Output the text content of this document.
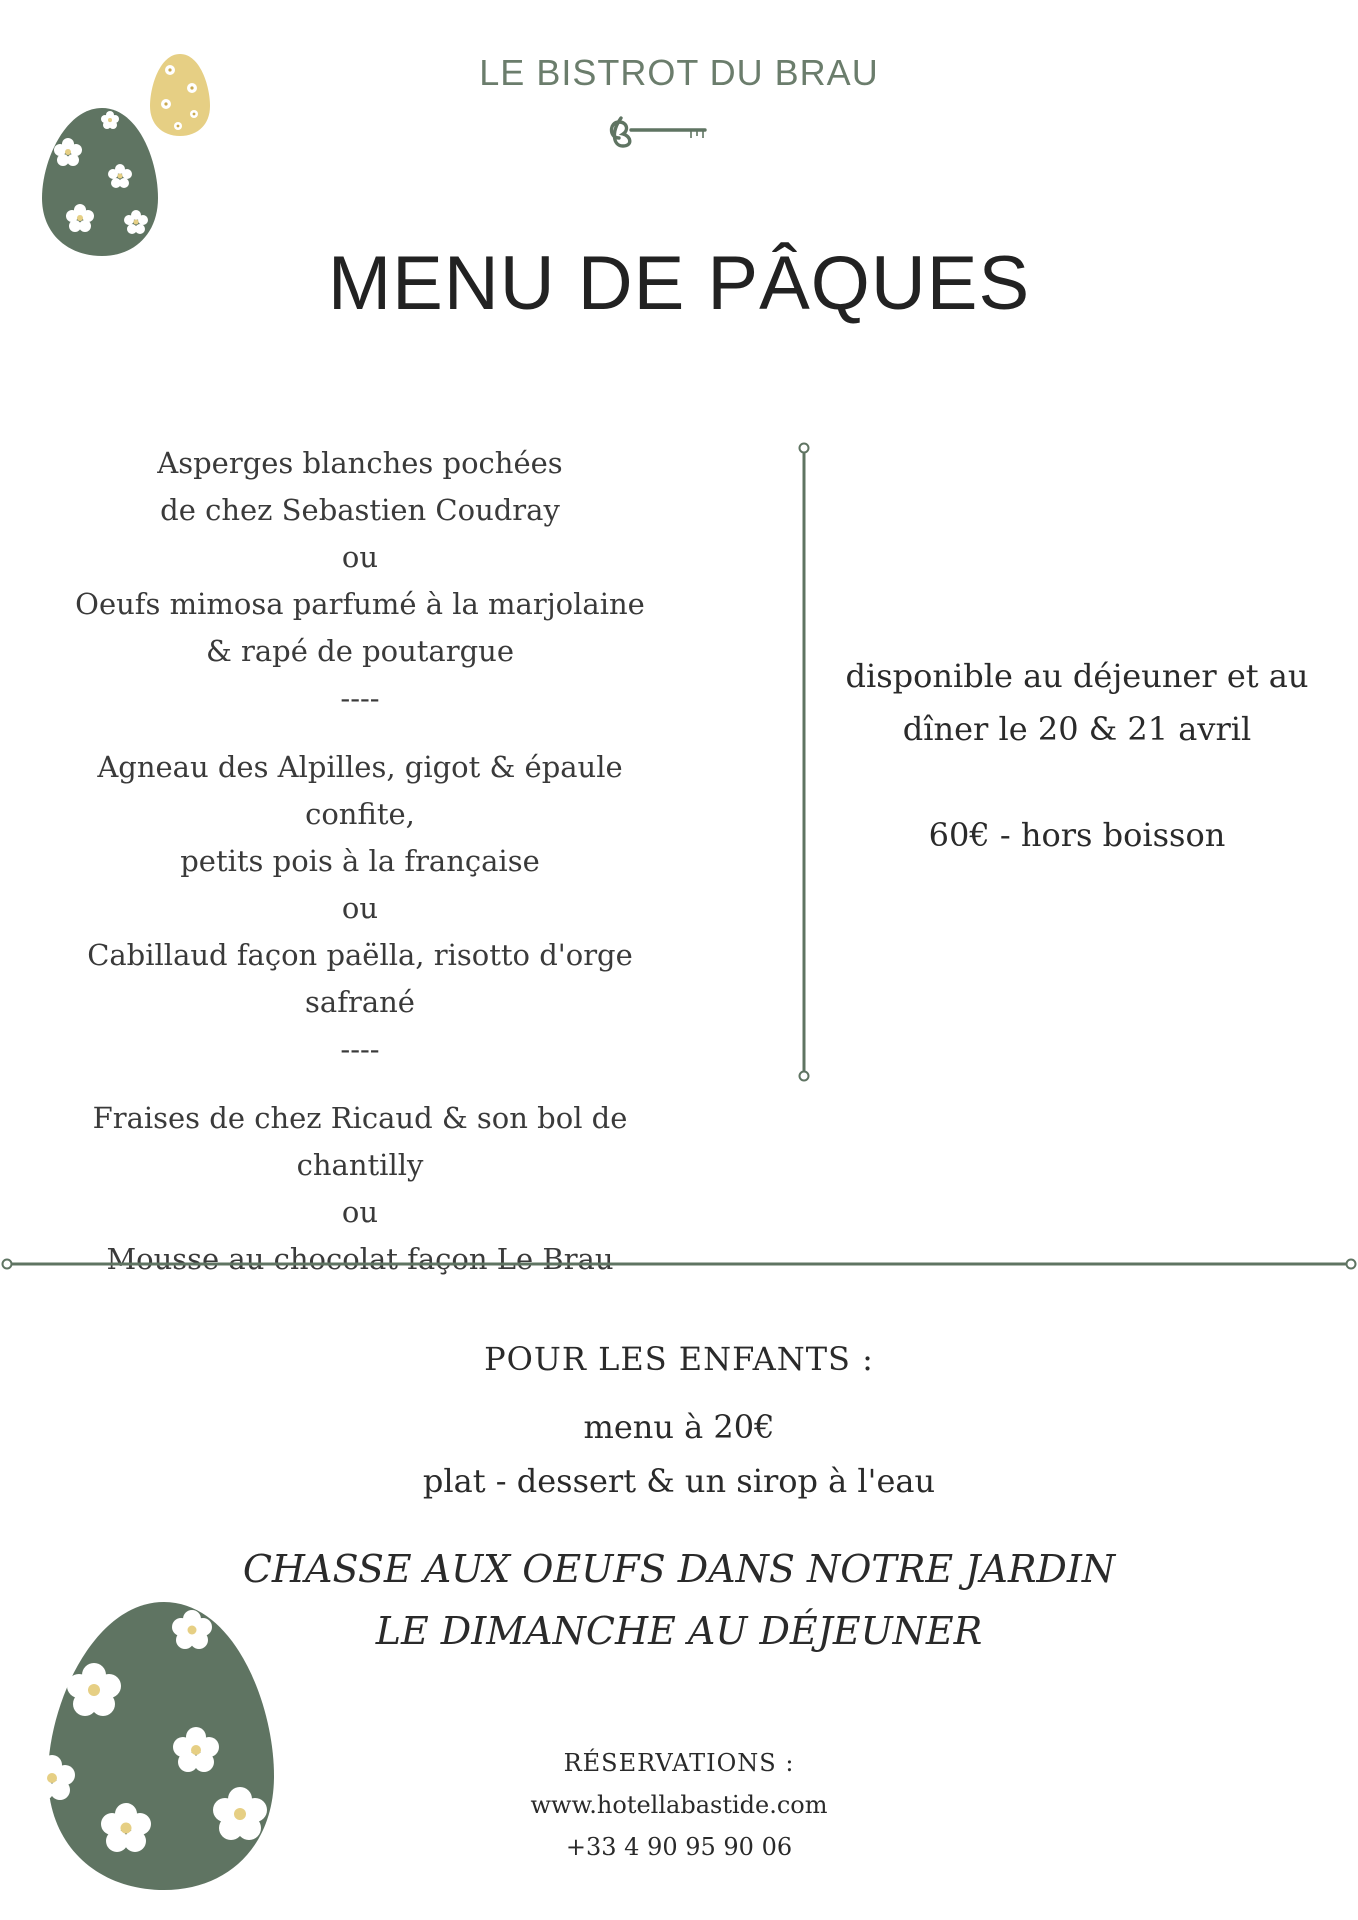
LE BISTROT DU BRAU
MENU DE PÂQUES
Asperges blanches pochées
de chez Sebastien Coudray
ou
Oeufs mimosa parfumé à la marjolaine
& rapé de poutargue
----
Agneau des Alpilles, gigot & épaule confite,
petits pois à la française
ou
Cabillaud façon paëlla, risotto d'orge safrané
----
Fraises de chez Ricaud & son bol de chantilly
ou
Mousse au chocolat façon Le Brau
disponible au déjeuner et au
dîner le 20 & 21 avril
60€ - hors boisson
POUR LES ENFANTS :
menu à 20€
plat - dessert & un sirop à l'eau
CHASSE AUX OEUFS DANS NOTRE JARDIN
LE DIMANCHE AU DÉJEUNER
RÉSERVATIONS :
www.hotellabastide.com
+33 4 90 95 90 06
